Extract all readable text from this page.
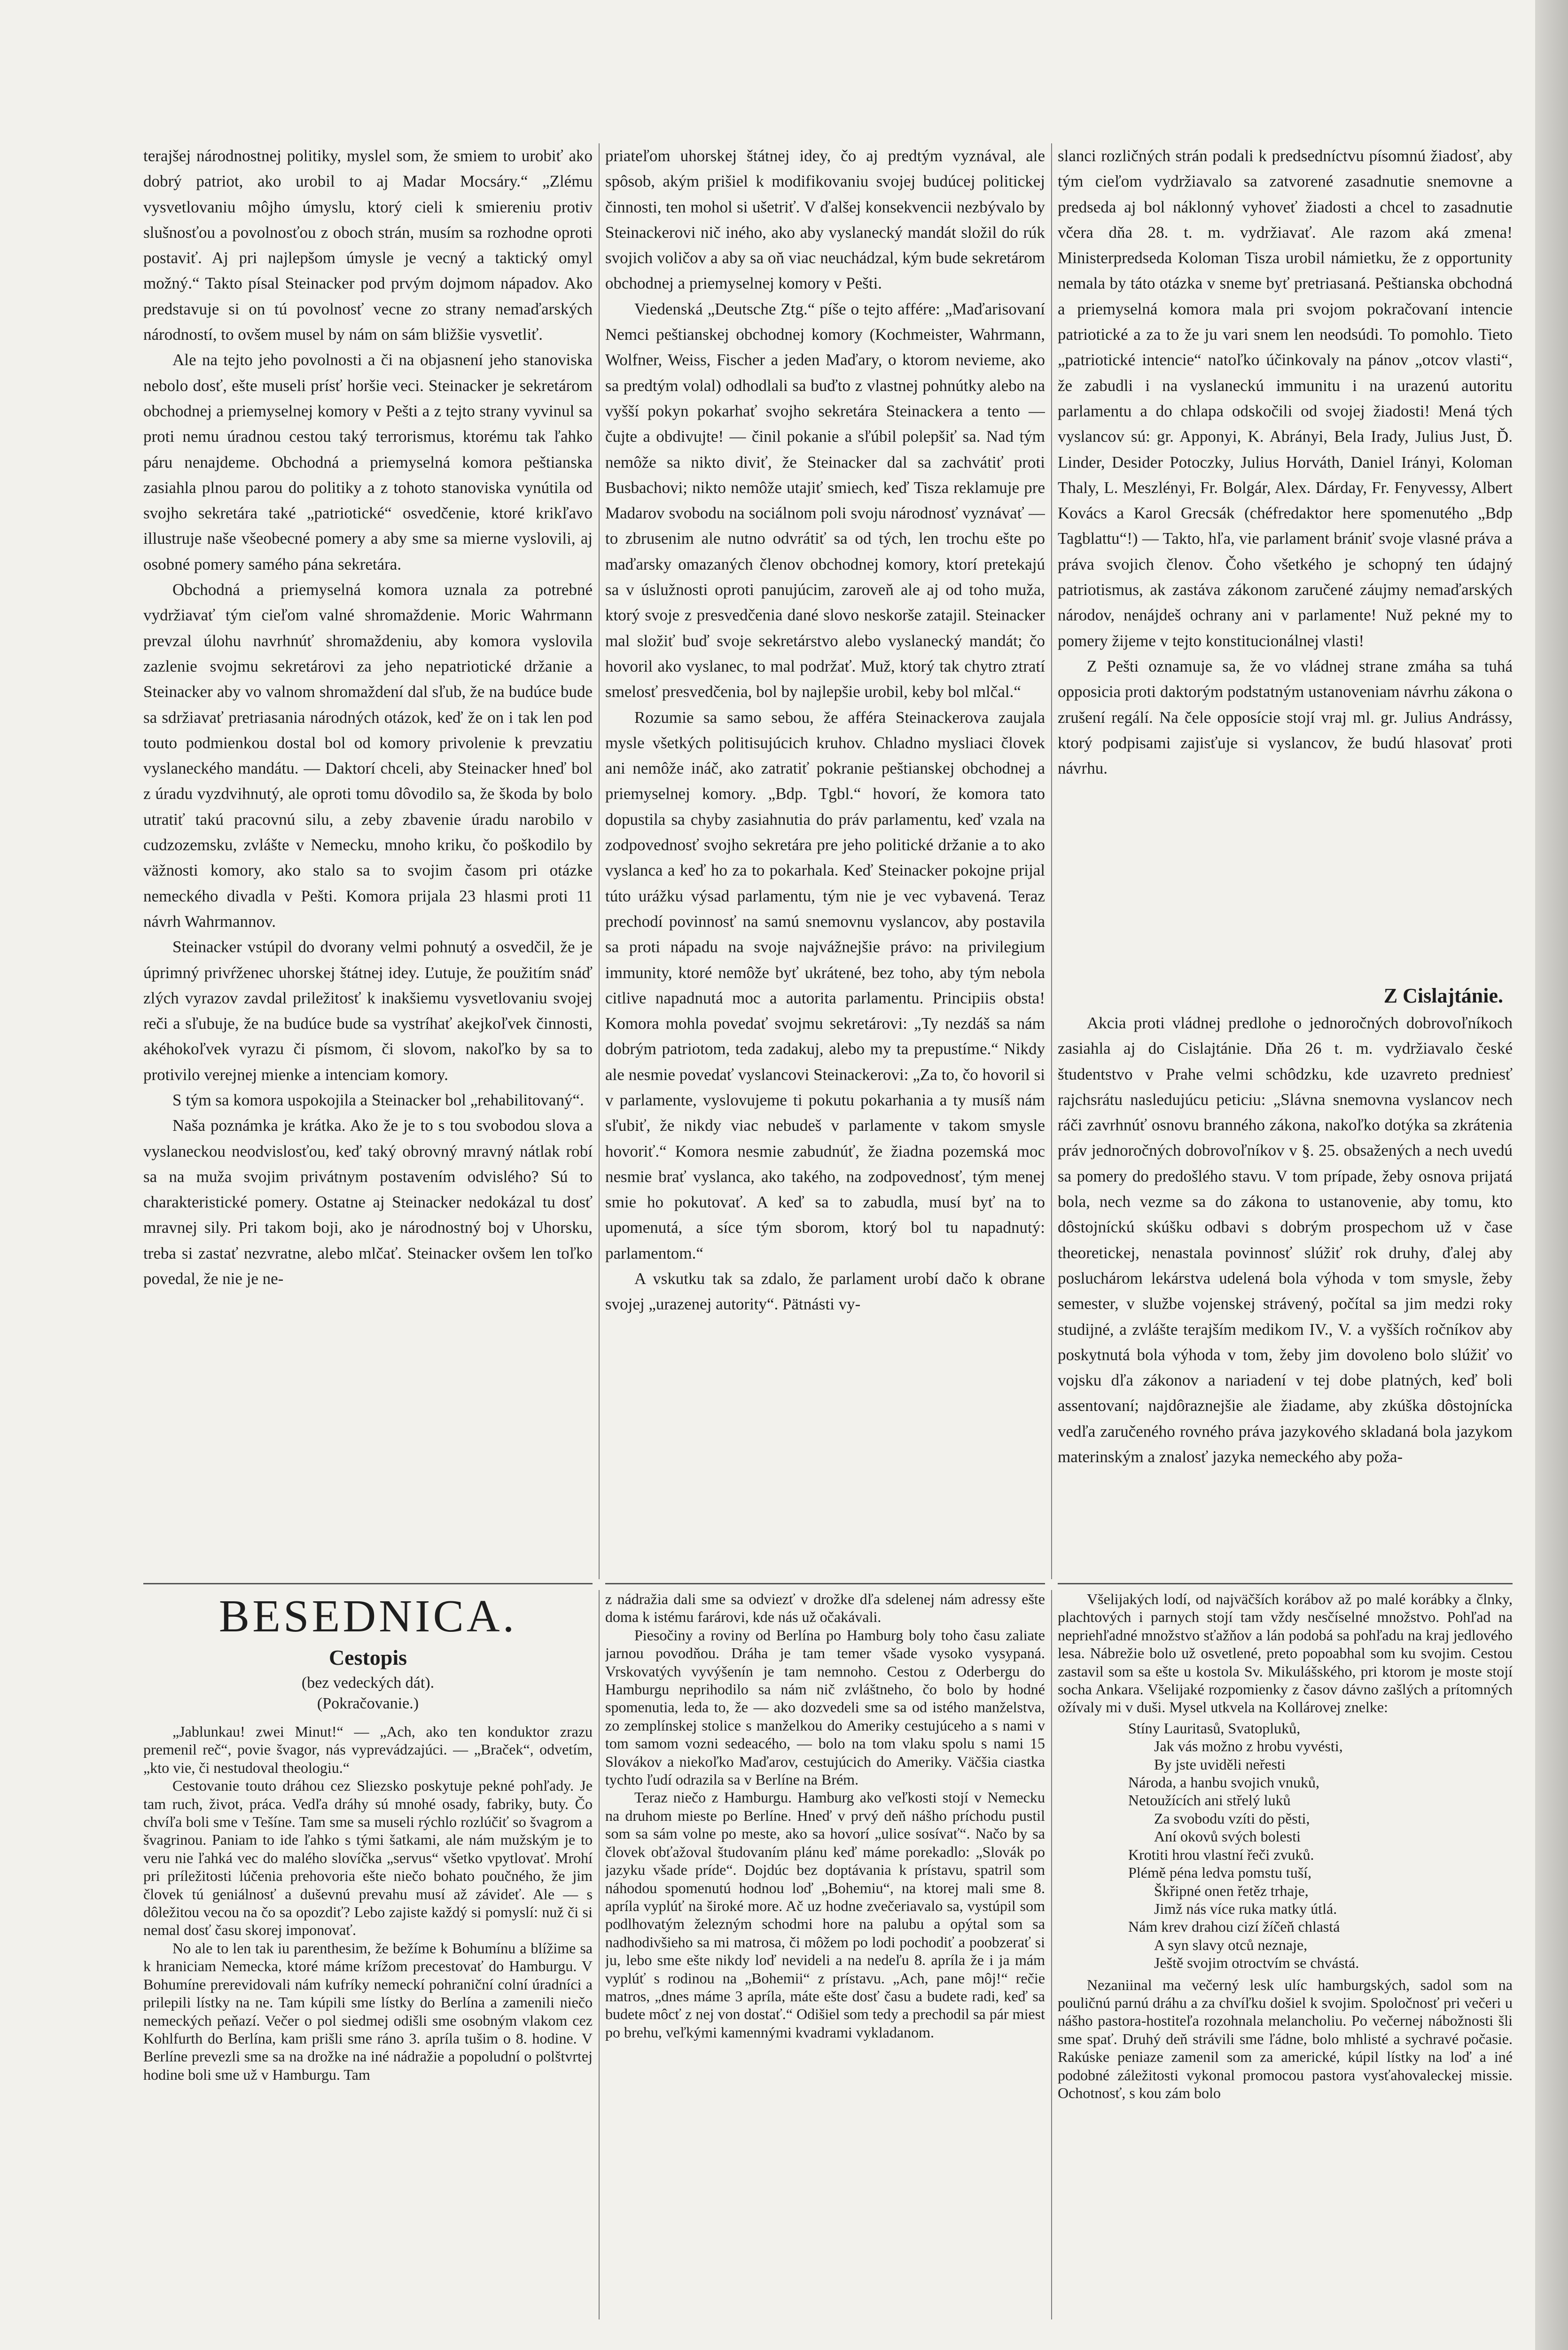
terajšej národnostnej politiky, myslel som, že smiem to urobiť ako dobrý patriot, ako urobil to aj Madar Mocsáry.“ „Zlému vysvetlovaniu môjho úmyslu, ktorý cieli k smiereniu protiv slušnosťou a povolnosťou z oboch strán, musím sa rozhodne oproti postaviť. Aj pri najlepšom úmysle je vecný a taktický omyl možný.“ Takto písal Steinacker pod prvým dojmom nápadov. Ako predstavuje si on tú povolnosť vecne zo strany nemaďarských národností, to ovšem musel by nám on sám bližšie vysvetliť.

Ale na tejto jeho povolnosti a či na objasnení jeho stanoviska nebolo dosť, ešte museli prísť horšie veci. Steinacker je sekretárom obchodnej a priemyselnej komory v Pešti a z tejto strany vyvinul sa proti nemu úradnou cestou taký terrorismus, ktorému tak ľahko páru nenajdeme. Obchodná a priemyselná komora peštianska zasiahla plnou parou do politiky a z tohoto stanoviska vynútila od svojho sekretára také „patriotické“ osvedčenie, ktoré krikľavo illustruje naše všeobecné pomery a aby sme sa mierne vyslovili, aj osobné pomery samého pána sekretára.

Obchodná a priemyselná komora uznala za potrebné vydržiavať tým cieľom valné shromaždenie. Moric Wahrmann prevzal úlohu navrhnúť shromaždeniu, aby komora vyslovila zazlenie svojmu sekretárovi za jeho nepatriotické držanie a Steinacker aby vo valnom shromaždení dal sľub, že na budúce bude sa sdržiavať pretriasania národných otázok, keď že on i tak len pod touto podmienkou dostal bol od komory privolenie k prevzatiu vyslaneckého mandátu. — Daktorí chceli, aby Steinacker hneď bol z úradu vyzdvihnutý, ale oproti tomu dôvodilo sa, že škoda by bolo utratiť takú pracovnú silu, a zeby zbavenie úradu narobilo v cudzozemsku, zvlášte v Nemecku, mnoho kriku, čo poškodilo by väžnosti komory, ako stalo sa to svojim časom pri otázke nemeckého divadla v Pešti. Komora prijala 23 hlasmi proti 11 návrh Wahrmannov.

Steinacker vstúpil do dvorany velmi pohnutý a osvedčil, že je úprimný privŕženec uhorskej štátnej idey. Ľutuje, že použitím snáď zlých vyrazov zavdal priležitosť k inakšiemu vysvetlovaniu svojej reči a sľubuje, že na budúce bude sa vystríhať akejkoľvek činnosti, akéhokoľvek vyrazu či písmom, či slovom, nakoľko by sa to protivilo verejnej mienke a intenciam komory.

S tým sa komora uspokojila a Steinacker bol „rehabilitovaný“.

Naša poznámka je krátka. Ako že je to s tou svobodou slova a vyslaneckou neodvislosťou, keď taký obrovný mravný nátlak robí sa na muža svojim privátnym postavením odvislého? Sú to charakteristické pomery. Ostatne aj Steinacker nedokázal tu dosť mravnej sily. Pri takom boji, ako je národnostný boj v Uhorsku, treba si zastať nezvratne, alebo mlčať. Steinacker ovšem len toľko povedal, že nie je ne-

priateľom uhorskej štátnej idey, čo aj predtým vyznával, ale spôsob, akým prišiel k modifikovaniu svojej budúcej politickej činnosti, ten mohol si ušetriť. V ďalšej konsekvencii nezbývalo by Steinackerovi nič iného, ako aby vyslanecký mandát složil do rúk svojich voličov a aby sa oň viac neuchádzal, kým bude sekretárom obchodnej a priemyselnej komory v Pešti.

Viedenská „Deutsche Ztg.“ píše o tejto affére: „Maďarisovaní Nemci peštianskej obchodnej komory (Kochmeister, Wahrmann, Wolfner, Weiss, Fischer a jeden Maďary, o ktorom nevieme, ako sa predtým volal) odhodlali sa buďto z vlastnej pohnútky alebo na vyšší pokyn pokarhať svojho sekretára Steinackera a tento — čujte a obdivujte! — činil pokanie a sľúbil polepšiť sa. Nad tým nemôže sa nikto diviť, že Steinacker dal sa zachvátiť proti Busbachovi; nikto nemôže utajiť smiech, keď Tisza reklamuje pre Madarov svobodu na sociálnom poli svoju národnosť vyznávať — to zbrusenim ale nutno odvrátiť sa od tých, len trochu ešte po maďarsky omazaných členov obchodnej komory, ktorí pretekajú sa v úslužnosti oproti panujúcim, zaroveň ale aj od toho muža, ktorý svoje z presvedčenia dané slovo neskorše zatajil. Steinacker mal složiť buď svoje sekretárstvo alebo vyslanecký mandát; čo hovoril ako vyslanec, to mal podržať. Muž, ktorý tak chytro ztratí smelosť presvedčenia, bol by najlepšie urobil, keby bol mlčal.“

Rozumie sa samo sebou, že afféra Steinackerova zaujala mysle všetkých politisujúcich kruhov. Chladno mysliaci človek ani nemôže ináč, ako zatratiť pokranie peštianskej obchodnej a priemyselnej komory. „Bdp. Tgbl.“ hovorí, že komora tato dopustila sa chyby zasiahnutia do práv parlamentu, keď vzala na zodpovednosť svojho sekretára pre jeho politické držanie a to ako vyslanca a keď ho za to pokarhala. Keď Steinacker pokojne prijal túto urážku výsad parlamentu, tým nie je vec vybavená. Teraz prechodí povinnosť na samú snemovnu vyslancov, aby postavila sa proti nápadu na svoje najvážnejšie právo: na privilegium immunity, ktoré nemôže byť ukrátené, bez toho, aby tým nebola citlive napadnutá moc a autorita parlamentu. Principiis obsta! Komora mohla povedať svojmu sekretárovi: „Ty nezdáš sa nám dobrým patriotom, teda zadakuj, alebo my ta prepustíme.“ Nikdy ale nesmie povedať vyslancovi Steinackerovi: „Za to, čo hovoril si v parlamente, vyslovujeme ti pokutu pokarhania a ty musíš nám sľubiť, že nikdy viac nebudeš v parlamente v takom smysle hovoriť.“ Komora nesmie zabudnúť, že žiadna pozemská moc nesmie brať vyslanca, ako takého, na zodpovednosť, tým menej smie ho pokutovať. A keď sa to zabudla, musí byť na to upomenutá, a síce tým sborom, ktorý bol tu napadnutý: parlamentom.“

A vskutku tak sa zdalo, že parlament urobí dačo k obrane svojej „urazenej autority“. Pätnásti vy-

slanci rozličných strán podali k predsedníctvu písomnú žiadosť, aby tým cieľom vydržiavalo sa zatvorené zasadnutie snemovne a predseda aj bol náklonný vyhoveť žiadosti a chcel to zasadnutie včera dňa 28. t. m. vydržiavať. Ale razom aká zmena! Ministerpredseda Koloman Tisza urobil námietku, že z opportunity nemala by táto otázka v sneme byť pretriasaná. Peštianska obchodná a priemyselná komora mala pri svojom pokračovaní intencie patriotické a za to že ju vari snem len neodsúdi. To pomohlo. Tieto „patriotické intencie“ natoľko účinkovaly na pánov „otcov vlasti“, že zabudli i na vyslaneckú immunitu i na urazenú autoritu parlamentu a do chlapa odskočili od svojej žiadosti! Mená tých vyslancov sú: gr. Apponyi, K. Abrányi, Bela Irady, Julius Just, Ď. Linder, Desider Potoczky, Julius Horváth, Daniel Irányi, Koloman Thaly, L. Meszlényi, Fr. Bolgár, Alex. Dárday, Fr. Fenyvessy, Albert Kovács a Karol Grecsák (chéfredaktor here spomenutého „Bdp Tagblattu“!) — Takto, hľa, vie parlament brániť svoje vlasné práva a práva svojich členov. Čoho všetkého je schopný ten údajný patriotismus, ak zastáva zákonom zaručené záujmy nemaďarských národov, nenájdeš ochrany ani v parlamente! Nuž pekné my to pomery žijeme v tejto konstitucionálnej vlasti!

Z Pešti oznamuje sa, že vo vládnej strane zmáha sa tuhá opposicia proti daktorým podstatným ustanoveniam návrhu zákona o zrušení regálí. Na čele opposície stojí vraj ml. gr. Julius Andrássy, ktorý podpisami zajisťuje si vyslancov, že budú hlasovať proti návrhu.

Z Cislajtánie.

Akcia proti vládnej predlohe o jednoročných dobrovoľníkoch zasiahla aj do Cislajtánie. Dňa 26 t. m. vydržiavalo české študentstvo v Prahe velmi schôdzku, kde uzavreto predniesť rajchsrátu nasledujúcu peticiu: „Slávna snemovna vyslancov nech ráči zavrhnúť osnovu branného zákona, nakoľko dotýka sa zkrátenia práv jednoročných dobrovoľníkov v §. 25. obsažených a nech uvedú sa pomery do predošlého stavu. V tom prípade, žeby osnova prijatá bola, nech vezme sa do zákona to ustanovenie, aby tomu, kto dôstojníckú skúšku odbavi s dobrým prospechom už v čase theoretickej, nenastala povinnosť slúžiť rok druhy, ďalej aby posluchárom lekárstva udelená bola výhoda v tom smysle, žeby semester, v službe vojenskej strávený, počítal sa jim medzi roky studijné, a zvlášte terajším medikom IV., V. a vyšších ročníkov aby poskytnutá bola výhoda v tom, žeby jim dovoleno bolo slúžiť vo vojsku dľa zákonov a nariadení v tej dobe platných, keď boli assentovaní; najdôraznejšie ale žiadame, aby zkúška dôstojnícka vedľa zaručeného rovného práva jazykového skladaná bola jazykom materinským a znalosť jazyka nemeckého aby poža-

BESEDNICA.
Cestopis
(bez vedeckých dát).
(Pokračovanie.)

„Jablunkau! zwei Minut!“ — „Ach, ako ten konduktor zrazu premenil reč“, povie švagor, nás vyprevádzajúci. — „Braček“, odvetím, „kto vie, či nestudoval theologiu.“

Cestovanie touto dráhou cez Sliezsko poskytuje pekné pohľady. Je tam ruch, život, práca. Vedľa dráhy sú mnohé osady, fabriky, buty. Čo chvíľa boli sme v Tešíne. Tam sme sa museli rýchlo rozlúčiť so švagrom a švagrinou. Paniam to ide ľahko s tými šatkami, ale nám mužským je to veru nie ľahká vec do malého slovíčka „servus“ všetko vpytlovať. Mrohí pri príležitosti lúčenia prehovoria ešte niečo bohato poučného, že jim človek tú geniálnosť a duševnú prevahu musí až závideť. Ale — s dôležitou vecou na čo sa opozdiť? Lebo zajiste každý si pomyslí: nuž či si nemal dosť času skorej imponovať.

No ale to len tak iu parenthesim, že bežíme k Bohumínu a blížime sa k hraniciam Nemecka, ktoré máme krížom precestovať do Hamburgu. V Bohumíne prerevidovali nám kufríky nemeckí pohraniční colní úradníci a prilepili lístky na ne. Tam kúpili sme lístky do Berlína a zamenili niečo nemeckých peňazí. Večer o pol siedmej odišli sme osobným vlakom cez Kohlfurth do Berlína, kam prišli sme ráno 3. apríla tušim o 8. hodine. V Berlíne prevezli sme sa na drožke na iné nádražie a popoludní o polštvrtej hodine boli sme už v Hamburgu. Tam

z nádražia dali sme sa odviezť v drožke dľa sdelenej nám adressy ešte doma k istému farárovi, kde nás už očakávali.

Piesočiny a roviny od Berlína po Hamburg boly toho času zaliate jarnou povodňou. Dráha je tam temer všade vysoko vysypaná. Vrskovatých vyvýšenín je tam nemnoho. Cestou z Oderbergu do Hamburgu neprihodilo sa nám nič zvláštneho, čo bolo by hodné spomenutia, leda to, že — ako dozvedeli sme sa od istého manželstva, zo zemplínskej stolice s manželkou do Ameriky cestujúceho a s nami v tom samom vozni sedeacého, — bolo na tom vlaku spolu s nami 15 Slovákov a niekoľko Maďarov, cestujúcich do Ameriky. Väčšia ciastka tychto ľudí odrazila sa v Berlíne na Brém.

Teraz niečo z Hamburgu. Hamburg ako veľkosti stojí v Nemecku na druhom mieste po Berlíne. Hneď v prvý deň nášho príchodu pustil som sa sám volne po meste, ako sa hovorí „ulice sosívať“. Načo by sa človek obťažoval študovaním plánu keď máme porekadlo: „Slovák po jazyku všade príde“. Dojdúc bez doptávania k prístavu, spatril som náhodou spomenutú hodnou loď „Bohemiu“, na ktorej mali sme 8. apríla vyplúť na široké more. Ač uz hodne zvečeriavalo sa, vystúpil som podlhovatým železným schodmi hore na palubu a opýtal som sa nadhodivšieho sa mi matrosa, či môžem po lodi pochodiť a poobzerať si ju, lebo sme ešte nikdy loď nevideli a na nedeľu 8. apríla že i ja mám vyplúť s rodinou na „Bohemii“ z prístavu. „Ach, pane môj!“ rečie matros, „dnes máme 3 apríla, máte ešte dosť času a budete radi, keď sa budete môcť z nej von dostať.“ Odišiel som tedy a prechodil sa pár miest po brehu, veľkými kamennými kvadrami vykladanom.

Všelijakých lodí, od najväčších korábov až po malé korábky a člnky, plachtových i parnych stojí tam vždy nesčíselné množstvo. Pohľad na nepriehľadné množstvo sťažňov a lán podobá sa pohľadu na kraj jedlového lesa. Nábrežie bolo už osvetlené, preto popoabhal som ku svojim. Cestou zastavil som sa ešte u kostola Sv. Mikulášského, pri ktorom je moste stojí socha Ankara. Všelijaké rozpomienky z časov dávno zašlých a prítomných ožívaly mi v duši. Mysel utkvela na Kollárovej znelke:

Stíny Lauritasů, Svatopluků,
Jak vás možno z hrobu vyvésti,
By jste uviděli neřesti
Národa, a hanbu svojich vnuků,
Netoužících ani střelý luků
Za svobodu vzíti do pěsti,
Aní okovů svých bolesti
Krotiti hrou vlastní řeči zvuků.
Plémě péna ledva pomstu tuší,
Škřipné onen řetěz trhaje,
Jimž nás více ruka matky útlá.
Nám krev drahou cizí žíčeň chlastá
A syn slavy otců neznaje,
Ještě svojim otroctvím se chvástá.

Nezaniinal ma večerný lesk ulíc hamburgských, sadol som na pouličnú parnú dráhu a za chvíľku došiel k svojim. Spoločnosť pri večeri u nášho pastora-hostiteľa rozohnala melancholiu. Po večernej nábožnosti šli sme spať. Druhý deň strávili sme ľádne, bolo mhlisté a sychravé počasie. Rakúske peniaze zamenil som za americké, kúpil lístky na loď a iné podobné záležitosti vykonal promocou pastora vysťahovaleckej missie. Ochotnosť, s kou zám bolo
